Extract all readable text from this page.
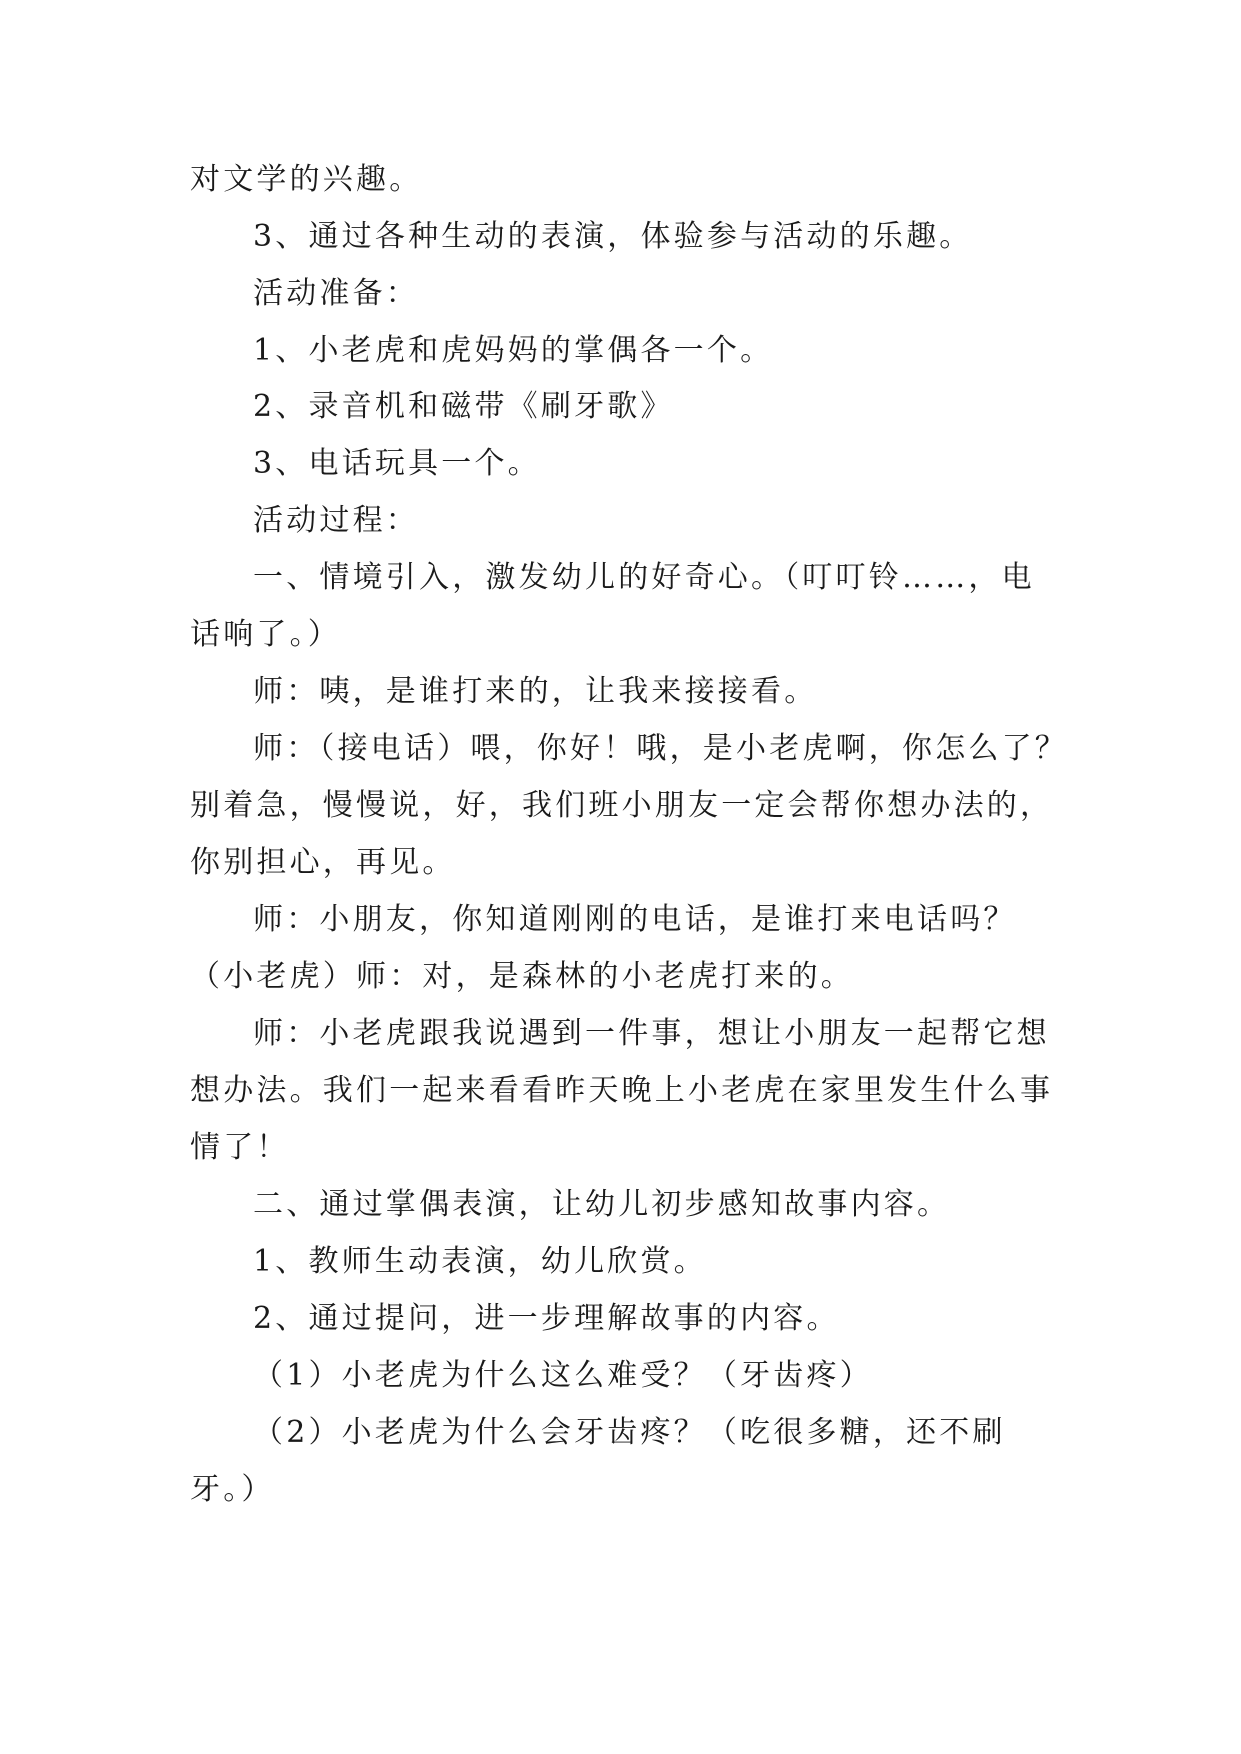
对文学的兴趣。

3、通过各种生动的表演，体验参与活动的乐趣。

活动准备：

1、小老虎和虎妈妈的掌偶各一个。

2、录音机和磁带《刷牙歌》

3、电话玩具一个。

活动过程：

一、情境引入，激发幼儿的好奇心。（叮叮铃……，电

话响了。）

师：咦，是谁打来的，让我来接接看。

师：（接电话）喂，你好！哦，是小老虎啊，你怎么了？

别着急，慢慢说，好，我们班小朋友一定会帮你想办法的，

你别担心，再见。

师：小朋友，你知道刚刚的电话，是谁打来电话吗？

（小老虎）师：对，是森林的小老虎打来的。

师：小老虎跟我说遇到一件事，想让小朋友一起帮它想

想办法。我们一起来看看昨天晚上小老虎在家里发生什么事

情了！

二、通过掌偶表演，让幼儿初步感知故事内容。

1、教师生动表演，幼儿欣赏。

2、通过提问，进一步理解故事的内容。

（1）小老虎为什么这么难受？（牙齿疼）

（2）小老虎为什么会牙齿疼？（吃很多糖，还不刷

牙。）
